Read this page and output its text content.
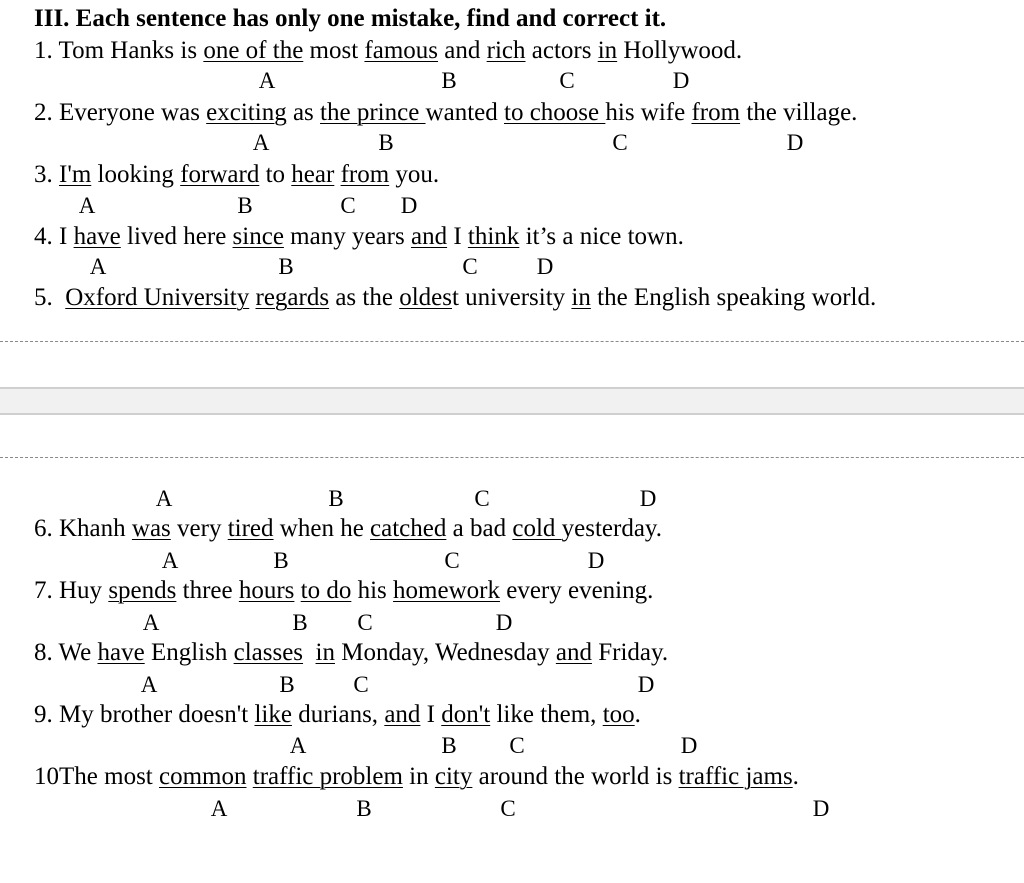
III. Each sentence has only one mistake, find and correct it.
1. Tom Hanks is one of the most famous and rich actors in Hollywood.
2. Everyone was exciting as the prince wanted to choose his wife from the village.
3. I'm looking forward to hear from you.
4. I have lived here since many years and I think it’s a nice town.
5.  Oxford University regards as the oldest university in the English speaking world.
6. Khanh was very tired when he catched a bad cold yesterday.
7. Huy spends three hours to do his homework every evening.
8. We have English classes in Monday, Wednesday and Friday.
9. My brother doesn't like durians, and I don't like them, too.
10The most common traffic problem in city around the world is traffic jams.
A	B	C	D
A	B	C	D
A	B	C D
A	B	C	D
A	B	C	D
A	B	C	D
A	B C	D
A	B	C	D
A	B C	D
A	B	C	D
